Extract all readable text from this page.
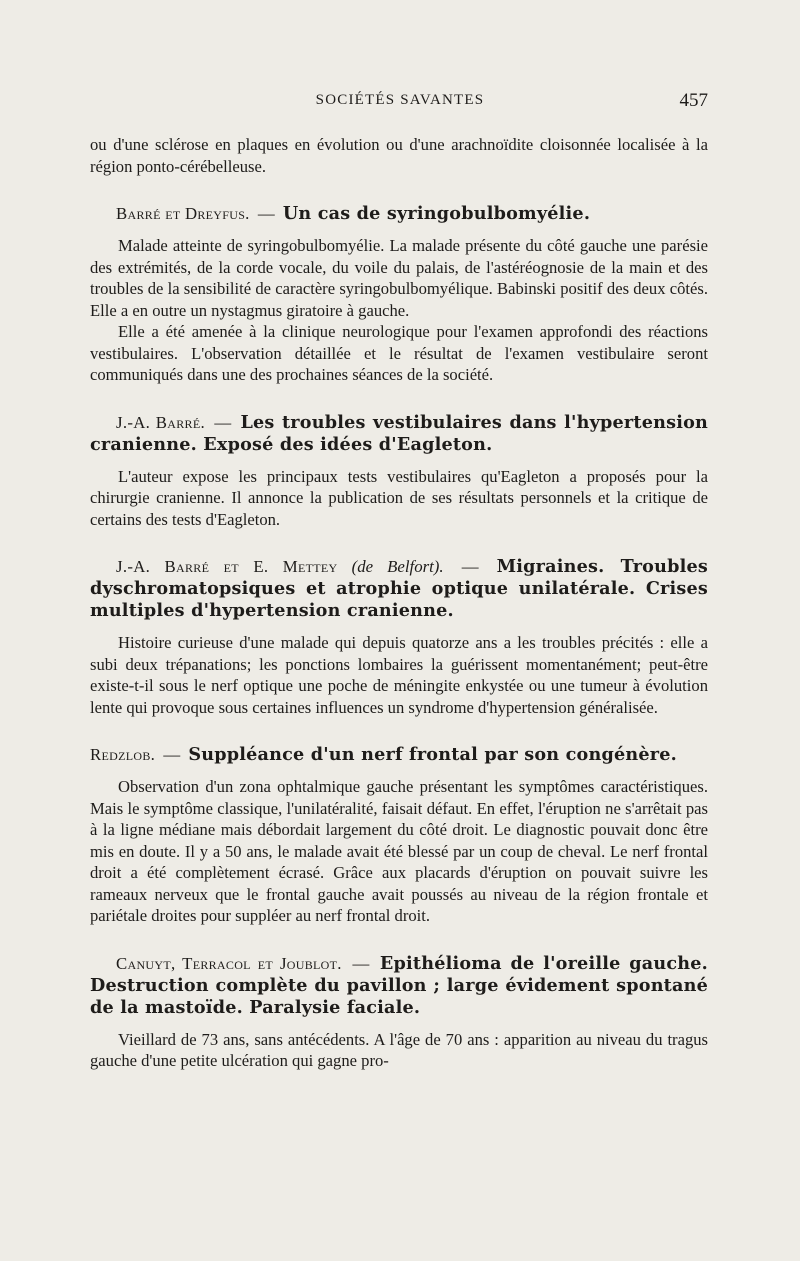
SOCIÉTÉS SAVANTES	457

ou d'une sclérose en plaques en évolution ou d'une arachnoïdite cloisonnée localisée à la région ponto-cérébelleuse.

Barré et Dreyfus. — Un cas de syringobulbomyélie.

Malade atteinte de syringobulbomyélie. La malade présente du côté gauche une parésie des extrémités, de la corde vocale, du voile du palais, de l'astéréognosie de la main et des troubles de la sensibilité de caractère syringobulbomyélique. Babinski positif des deux côtés. Elle a en outre un nystagmus giratoire à gauche.

Elle a été amenée à la clinique neurologique pour l'examen approfondi des réactions vestibulaires. L'observation détaillée et le résultat de l'examen vestibulaire seront communiqués dans une des prochaines séances de la société.

J.-A. Barré. — Les troubles vestibulaires dans l'hypertension cranienne. Exposé des idées d'Eagleton.

L'auteur expose les principaux tests vestibulaires qu'Eagleton a proposés pour la chirurgie cranienne. Il annonce la publication de ses résultats personnels et la critique de certains des tests d'Eagleton.

J.-A. Barré et E. Mettey (de Belfort). — Migraines. Troubles dyschromatopsiques et atrophie optique unilatérale. Crises multiples d'hypertension cranienne.

Histoire curieuse d'une malade qui depuis quatorze ans a les troubles précités : elle a subi deux trépanations; les ponctions lombaires la guérissent momentanément; peut-être existe-t-il sous le nerf optique une poche de méningite enkystée ou une tumeur à évolution lente qui provoque sous certaines influences un syndrome d'hypertension généralisée.

Redzlob. — Suppléance d'un nerf frontal par son congénère.

Observation d'un zona ophtalmique gauche présentant les symptômes caractéristiques. Mais le symptôme classique, l'unilatéralité, faisait défaut. En effet, l'éruption ne s'arrêtait pas à la ligne médiane mais débordait largement du côté droit. Le diagnostic pouvait donc être mis en doute. Il y a 50 ans, le malade avait été blessé par un coup de cheval. Le nerf frontal droit a été complètement écrasé. Grâce aux placards d'éruption on pouvait suivre les rameaux nerveux que le frontal gauche avait poussés au niveau de la région frontale et pariétale droites pour suppléer au nerf frontal droit.

Canuyt, Terracol et Joublot. — Epithélioma de l'oreille gauche. Destruction complète du pavillon ; large évidement spontané de la mastoïde. Paralysie faciale.

Vieillard de 73 ans, sans antécédents. A l'âge de 70 ans : apparition au niveau du tragus gauche d'une petite ulcération qui gagne pro-
